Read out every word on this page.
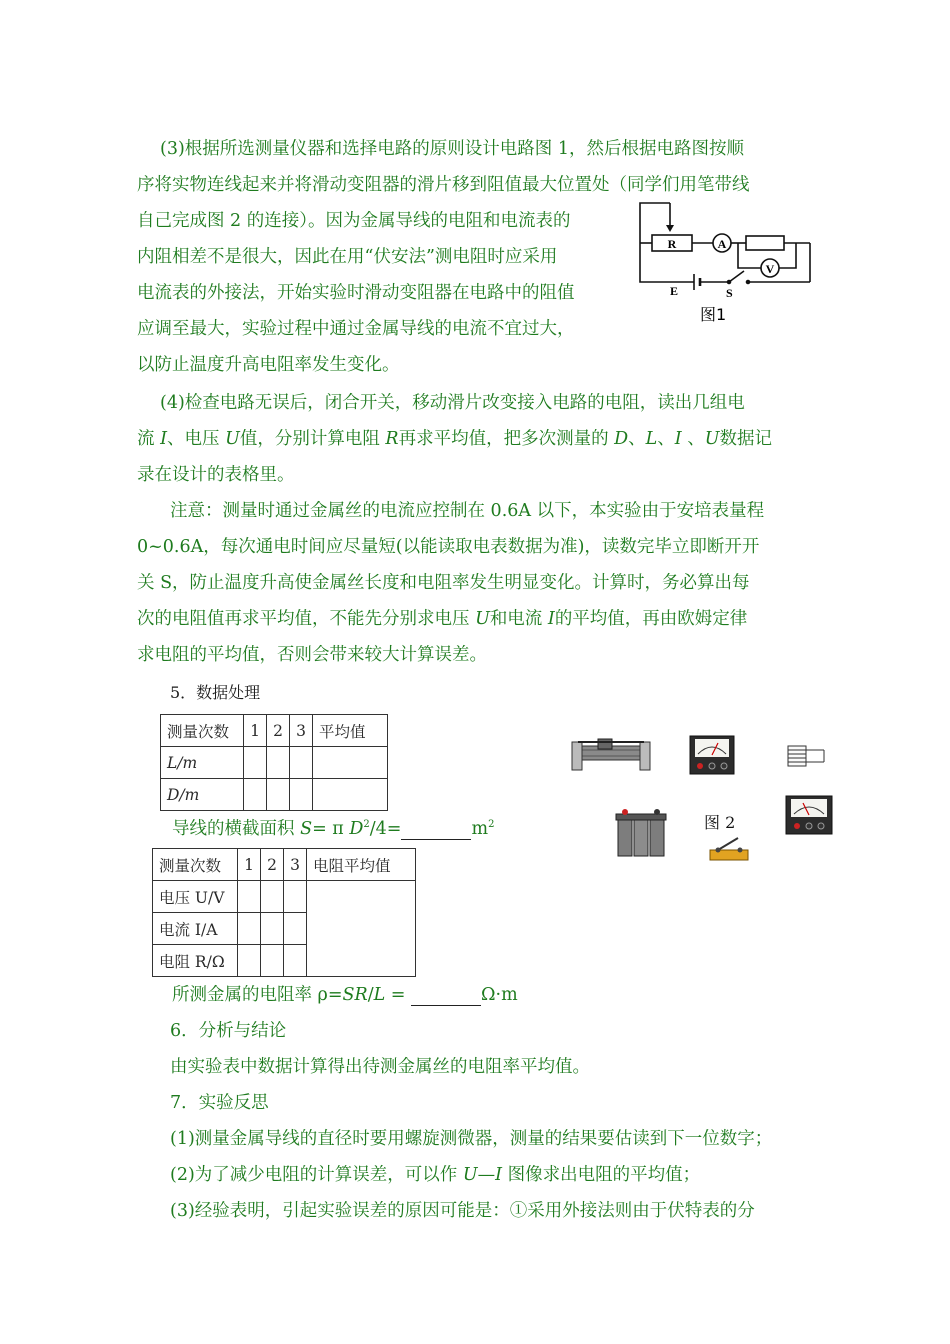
(3)根据所选测量仪器和选择电路的原则设计电路图 1，然后根据电路图按顺
序将实物连线起来并将滑动变阻器的滑片移到阻值最大位置处（同学们用笔带线
自己完成图 2 的连接）。因为金属导线的电阻和电流表的
内阻相差不是很大，因此在用“伏安法”测电阻时应采用
电流表的外接法，开始实验时滑动变阻器在电路中的阻值
应调至最大，实验过程中通过金属导线的电流不宜过大，
以防止温度升高电阻率发生变化。
R	A
V
E	S
图1
(4)检查电路无误后，闭合开关，移动滑片改变接入电路的电阻，读出几组电
流 I、电压 U值，分别计算电阻 R再求平均值，把多次测量的 D、L、I 、U数据记
录在设计的表格里。
注意：测量时通过金属丝的电流应控制在 0.6A 以下，本实验由于安培表量程
0~0.6A，每次通电时间应尽量短(以能读取电表数据为准)，读数完毕立即断开开
关 S，防止温度升高使金属丝长度和电阻率发生明显变化。计算时，务必算出每
次的电阻值再求平均值，不能先分别求电压 U和电流 I的平均值，再由欧姆定律
求电阻的平均值，否则会带来较大计算误差。
5．数据处理
测量次数	1	2	3	平均值
L/m				
D/m				
导线的横截面积 S= π $D^2/4=$	$m^2$
测量次数	1	2	3	电阻平均值
电压 U/V				
电流 I/A				
电阻 R/Ω				
所测金属的电阻率 ρ=SR/L =	Ω·m
图 2
6．分析与结论
由实验表中数据计算得出待测金属丝的电阻率平均值。
7．实验反思
(1)测量金属导线的直径时要用螺旋测微器，测量的结果要估读到下一位数字；
(2)为了减少电阻的计算误差，可以作 U—I 图像求出电阻的平均值；
(3)经验表明，引起实验误差的原因可能是：①采用外接法则由于伏特表的分
